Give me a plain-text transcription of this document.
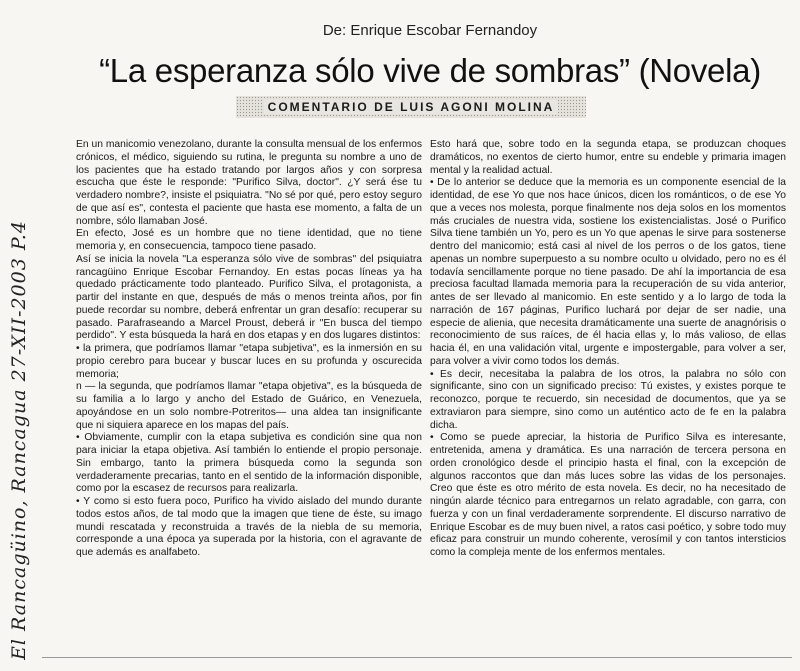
El Rancagüino, Rancagua 27-XII-2003 P.4
De: Enrique Escobar Fernandoy
“La esperanza sólo vive de sombras” (Novela)
COMENTARIO DE LUIS AGONI MOLINA

En un manicomio venezolano, durante la consulta mensual de los enfermos crónicos, el médico, siguiendo su rutina, le pregunta su nombre a uno de los pacientes que ha estado tratando por largos años y con sorpresa escucha que éste le responde: "Purifico Silva, doctor". ¿Y será ése tu verdadero nombre?, insiste el psiquiatra. "No sé por qué, pero estoy seguro de que así es", contesta el paciente que hasta ese momento, a falta de un nombre, sólo llamaban José.

En efecto, José es un hombre que no tiene identidad, que no tiene memoria y, en consecuencia, tampoco tiene pasado.

Así se inicia la novela "La esperanza sólo vive de sombras" del psiquiatra rancagüino Enrique Escobar Fernandoy. En estas pocas líneas ya ha quedado prácticamente todo planteado. Purifico Silva, el protagonista, a partir del instante en que, después de más o menos treinta años, por fin puede recordar su nombre, deberá enfrentar un gran desafío: recuperar su pasado. Parafraseando a Marcel Proust, deberá ir "En busca del tiempo perdido". Y esta búsqueda la hará en dos etapas y en dos lugares distintos:

• la primera, que podríamos llamar "etapa subjetiva", es la inmersión en su propio cerebro para bucear y buscar luces en su profunda y oscurecida memoria;

n — la segunda, que podríamos llamar "etapa objetiva", es la búsqueda de su familia a lo largo y ancho del Estado de Guárico, en Venezuela, apoyándose en un solo nombre-Potreritos— una aldea tan insignificante que ni siquiera aparece en los mapas del país.

• Obviamente, cumplir con la etapa subjetiva es condición sine qua non para iniciar la etapa objetiva. Así también lo entiende el propio personaje. Sin embargo, tanto la primera búsqueda como la segunda son verdaderamente precarias, tanto en el sentido de la información disponible, como por la escasez de recursos para realizarla.

• Y como si esto fuera poco, Purifico ha vivido aislado del mundo durante todos estos años, de tal modo que la imagen que tiene de éste, su imago mundi rescatada y reconstruida a través de la niebla de su memoria, corresponde a una época ya superada por la historia, con el agravante de que además es analfabeto.

Esto hará que, sobre todo en la segunda etapa, se produzcan choques dramáticos, no exentos de cierto humor, entre su endeble y primaria imagen mental y la realidad actual.

• De lo anterior se deduce que la memoria es un componente esencial de la identidad, de ese Yo que nos hace únicos, dicen los románticos, o de ese Yo que a veces nos molesta, porque finalmente nos deja solos en los momentos más cruciales de nuestra vida, sostiene los existencialistas. José o Purifico Silva tiene también un Yo, pero es un Yo que apenas le sirve para sostenerse dentro del manicomio; está casi al nivel de los perros o de los gatos, tiene apenas un nombre superpuesto a su nombre oculto u olvidado, pero no es él todavía sencillamente porque no tiene pasado. De ahí la importancia de esa preciosa facultad llamada memoria para la recuperación de su vida anterior, antes de ser llevado al manicomio. En este sentido y a lo largo de toda la narración de 167 páginas, Purifico luchará por dejar de ser nadie, una especie de alienia, que necesita dramáticamente una suerte de anagnórisis o reconocimiento de sus raíces, de él hacia ellas y, lo más valioso, de ellas hacia él, en una validación vital, urgente e impostergable, para volver a ser, para volver a vivir como todos los demás.

• Es decir, necesitaba la palabra de los otros, la palabra no sólo con significante, sino con un significado preciso: Tú existes, y existes porque te reconozco, porque te recuerdo, sin necesidad de documentos, que ya se extraviaron para siempre, sino como un auténtico acto de fe en la palabra dicha.

• Como se puede apreciar, la historia de Purifico Silva es interesante, entretenida, amena y dramática. Es una narración de tercera persona en orden cronológico desde el principio hasta el final, con la excepción de algunos raccontos que dan más luces sobre las vidas de los personajes. Creo que éste es otro mérito de esta novela. Es decir, no ha necesitado de ningún alarde técnico para entregarnos un relato agradable, con garra, con fuerza y con un final verdaderamente sorprendente. El discurso narrativo de Enrique Escobar es de muy buen nivel, a ratos casi poético, y sobre todo muy eficaz para construir un mundo coherente, verosímil y con tantos intersticios como la compleja mente de los enfermos mentales.
